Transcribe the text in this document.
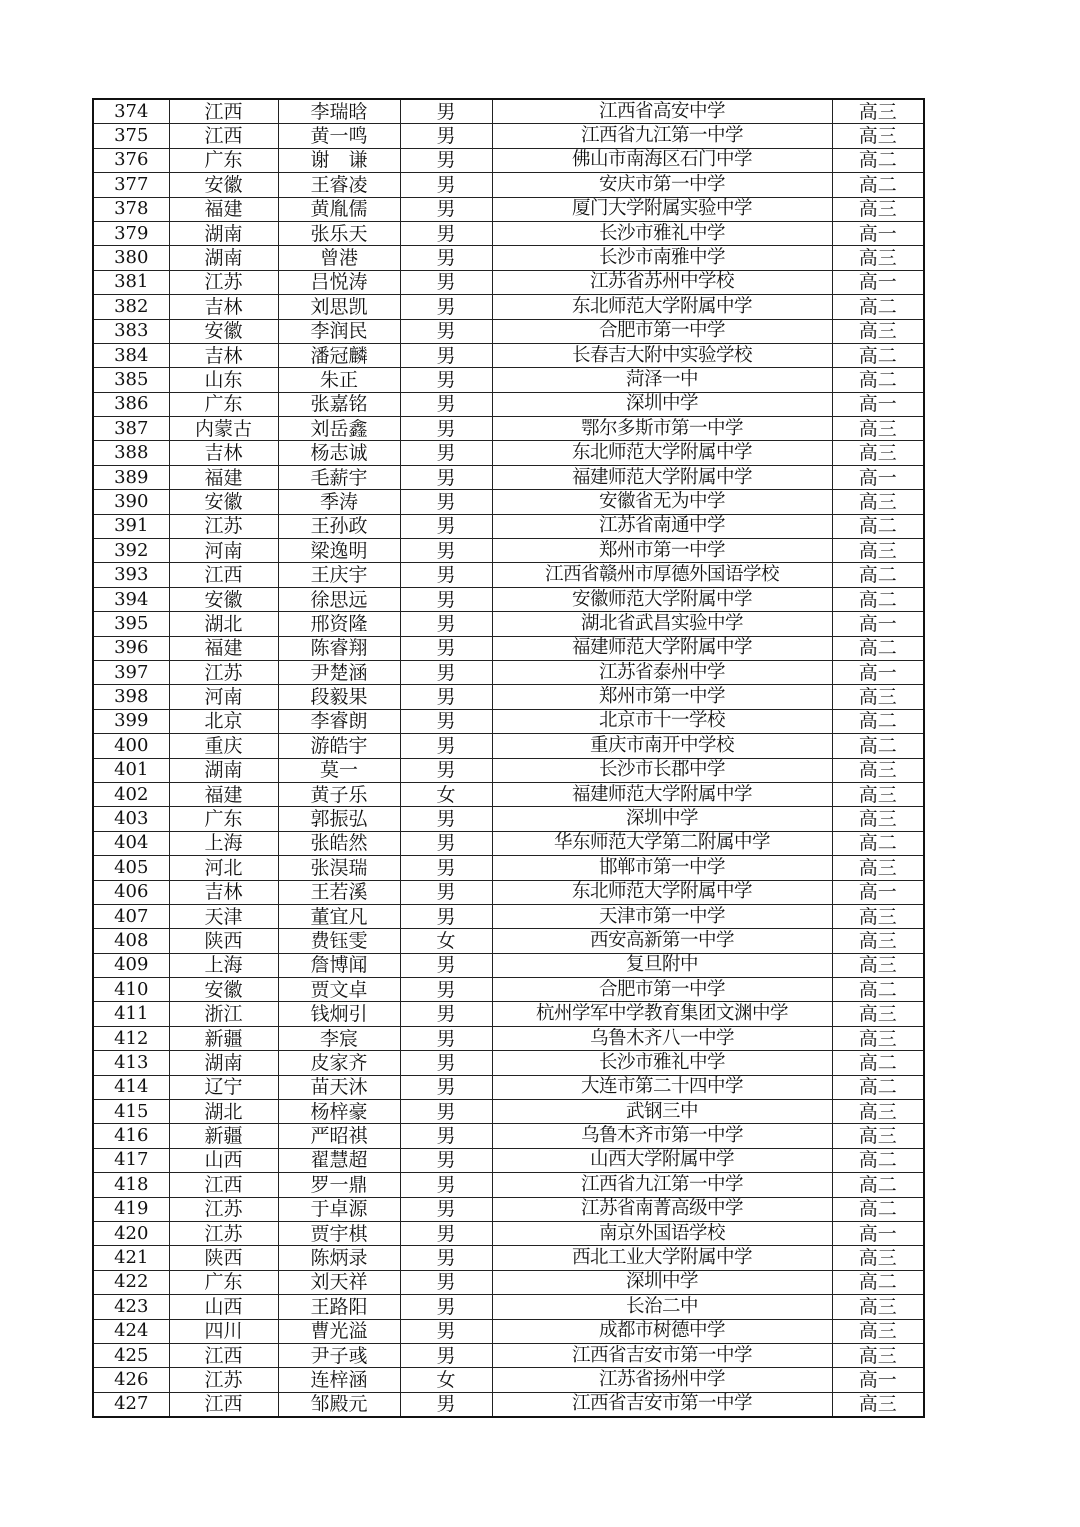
374	江西	李瑞晗	男	江西省高安中学	高三
375	江西	黄一鸣	男	江西省九江第一中学	高三
376	广东	谢　谦	男	佛山市南海区石门中学	高二
377	安徽	王睿凌	男	安庆市第一中学	高二
378	福建	黄胤儒	男	厦门大学附属实验中学	高三
379	湖南	张乐天	男	长沙市雅礼中学	高一
380	湖南	曾港	男	长沙市南雅中学	高三
381	江苏	吕悦涛	男	江苏省苏州中学校	高一
382	吉林	刘思凯	男	东北师范大学附属中学	高二
383	安徽	李润民	男	合肥市第一中学	高三
384	吉林	潘冠麟	男	长春吉大附中实验学校	高二
385	山东	朱正	男	菏泽一中	高二
386	广东	张嘉铭	男	深圳中学	高一
387	内蒙古	刘岳鑫	男	鄂尔多斯市第一中学	高三
388	吉林	杨志诚	男	东北师范大学附属中学	高三
389	福建	毛薪宇	男	福建师范大学附属中学	高一
390	安徽	季涛	男	安徽省无为中学	高三
391	江苏	王孙政	男	江苏省南通中学	高二
392	河南	梁逸明	男	郑州市第一中学	高三
393	江西	王庆宇	男	江西省赣州市厚德外国语学校	高二
394	安徽	徐思远	男	安徽师范大学附属中学	高二
395	湖北	邢资隆	男	湖北省武昌实验中学	高一
396	福建	陈睿翔	男	福建师范大学附属中学	高二
397	江苏	尹楚涵	男	江苏省泰州中学	高一
398	河南	段毅果	男	郑州市第一中学	高三
399	北京	李睿朗	男	北京市十一学校	高二
400	重庆	游皓宇	男	重庆市南开中学校	高二
401	湖南	莫一	男	长沙市长郡中学	高三
402	福建	黄子乐	女	福建师范大学附属中学	高三
403	广东	郭振弘	男	深圳中学	高三
404	上海	张皓然	男	华东师范大学第二附属中学	高二
405	河北	张淏瑞	男	邯郸市第一中学	高三
406	吉林	王若溪	男	东北师范大学附属中学	高一
407	天津	董宜凡	男	天津市第一中学	高三
408	陕西	费钰雯	女	西安高新第一中学	高三
409	上海	詹博闻	男	复旦附中	高三
410	安徽	贾文卓	男	合肥市第一中学	高二
411	浙江	钱炯引	男	杭州学军中学教育集团文渊中学	高三
412	新疆	李宸	男	乌鲁木齐八一中学	高三
413	湖南	皮家齐	男	长沙市雅礼中学	高二
414	辽宁	苗天沐	男	大连市第二十四中学	高二
415	湖北	杨梓豪	男	武钢三中	高三
416	新疆	严昭祺	男	乌鲁木齐市第一中学	高三
417	山西	翟慧超	男	山西大学附属中学	高二
418	江西	罗一鼎	男	江西省九江第一中学	高二
419	江苏	于卓源	男	江苏省南菁高级中学	高二
420	江苏	贾宇棋	男	南京外国语学校	高一
421	陕西	陈炳录	男	西北工业大学附属中学	高三
422	广东	刘天祥	男	深圳中学	高二
423	山西	王路阳	男	长治二中	高三
424	四川	曹光溢	男	成都市树德中学	高三
425	江西	尹子彧	男	江西省吉安市第一中学	高三
426	江苏	连梓涵	女	江苏省扬州中学	高一
427	江西	邹殿元	男	江西省吉安市第一中学	高三
